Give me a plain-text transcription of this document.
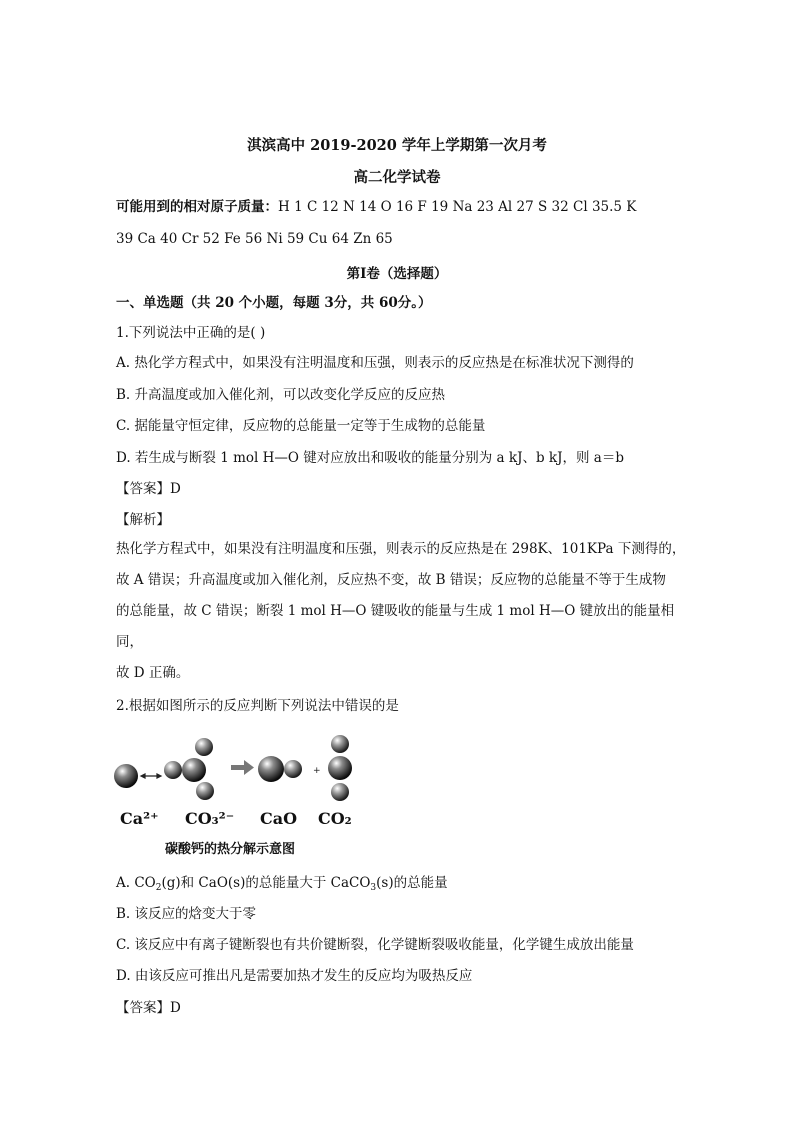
淇滨高中 2019-2020 学年上学期第一次月考
高二化学试卷
可能用到的相对原子质量：H 1 C 12 N 14 O 16 F 19 Na 23 Al 27 S 32 Cl 35.5 K
39 Ca 40 Cr 52 Fe 56 Ni 59 Cu 64 Zn 65
第Ⅰ卷（选择题）
一、单选题（共 20 个小题，每题 3分，共 60分。）
1.下列说法中正确的是( )
A. 热化学方程式中，如果没有注明温度和压强，则表示的反应热是在标准状况下测得的
B. 升高温度或加入催化剂，可以改变化学反应的反应热
C. 据能量守恒定律，反应物的总能量一定等于生成物的总能量
D. 若生成与断裂 1 mol H—O 键对应放出和吸收的能量分别为 a kJ、b kJ，则 a＝b
【答案】D
【解析】
热化学方程式中，如果没有注明温度和压强，则表示的反应热是在 298K、101KPa 下测得的，
故 A 错误；升高温度或加入催化剂，反应热不变，故 B 错误；反应物的总能量不等于生成物
的总能量，故 C 错误；断裂 1 mol H—O 键吸收的能量与生成 1 mol H—O 键放出的能量相同，
故 D 正确。
2.根据如图所示的反应判断下列说法中错误的是
+
Ca²⁺ CO₃²⁻ CaO CO₂
碳酸钙的热分解示意图
A. $CO_2(g)$和 CaO(s)的总能量大于 CaCO$_3$(s)的总能量
B. 该反应的焓变大于零
C. 该反应中有离子键断裂也有共价键断裂，化学键断裂吸收能量，化学键生成放出能量
D. 由该反应可推出凡是需要加热才发生的反应均为吸热反应
【答案】D
